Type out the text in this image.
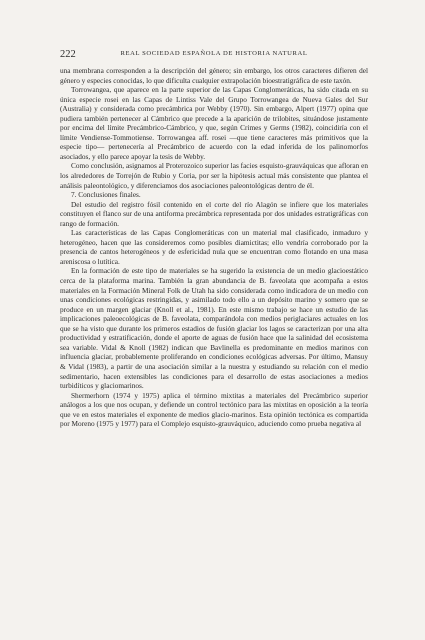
222	REAL SOCIEDAD ESPAÑOLA DE HISTORIA NATURAL

una membrana corresponden a la descripción del género; sin embargo, los otros caracteres difieren del género y especies conocidas, lo que dificulta cualquier extrapolación bioestratigráfica de este taxón.

Torrowangea, que aparece en la parte superior de las Capas Conglomeráticas, ha sido citada en su única especie rosei en las Capas de Lintiss Vale del Grupo Torrowangea de Nueva Gales del Sur (Australia) y considerada como precámbrica por Webby (1970). Sin embargo, Alpert (1977) opina que pudiera también pertenecer al Cámbrico que precede a la aparición de trilobites, situándose justamente por encima del límite Precámbrico-Cámbrico, y que, según Crimes y Germs (1982), coincidiría con el límite Vendiense-Tommotiense. Torrowangea aff. rosei —que tiene caracteres más primitivos que la especie tipo— pertenecería al Precámbrico de acuerdo con la edad inferida de los palinomorfos asociados, y ello parece apoyar la tesis de Webby.

Como conclusión, asignamos al Proterozoico superior las facies esquisto-grauváquicas que afloran en los alrededores de Torrejón de Rubio y Coria, por ser la hipótesis actual más consistente que plantea el análisis paleontológico, y diferenciamos dos asociaciones paleontológicas dentro de él.

7. Conclusiones finales.

Del estudio del registro fósil contenido en el corte del río Alagón se infiere que los materiales constituyen el flanco sur de una antiforma precámbrica representada por dos unidades estratigráficas con rango de formación.

Las características de las Capas Conglomeráticas con un material mal clasificado, inmaduro y heterogéneo, hacen que las consideremos como posibles diamictitas; ello vendría corroborado por la presencia de cantos heterogéneos y de esfericidad nula que se encuentran como flotando en una masa areniscosa o lutítica.

En la formación de este tipo de materiales se ha sugerido la existencia de un medio glacioestático cerca de la plataforma marina. También la gran abundancia de B. faveolata que acompaña a estos materiales en la Formación Mineral Folk de Utah ha sido considerada como indicadora de un medio con unas condiciones ecológicas restringidas, y asimilado todo ello a un depósito marino y somero que se produce en un margen glaciar (Knoll et al., 1981). En este mismo trabajo se hace un estudio de las implicaciones paleoecológicas de B. faveolata, comparándola con medios periglaciares actuales en los que se ha visto que durante los primeros estadios de fusión glaciar los lagos se caracterizan por una alta productividad y estratificación, donde el aporte de aguas de fusión hace que la salinidad del ecosistema sea variable. Vidal & Knoll (1982) indican que Bavlinella es predominante en medios marinos con influencia glaciar, probablemente proliferando en condiciones ecológicas adversas. Por último, Mansuy & Vidal (1983), a partir de una asociación similar a la nuestra y estudiando su relación con el medio sedimentario, hacen extensibles las condiciones para el desarrollo de estas asociaciones a medios turbidíticos y glaciomarinos.

Shermerhorn (1974 y 1975) aplica el término mixtitas a materiales del Precámbrico superior análogos a los que nos ocupan, y defiende un control tectónico para las mixtitas en oposición a la teoría que ve en estos materiales el exponente de medios glacio-marinos. Esta opinión tectónica es compartida por Moreno (1975 y 1977) para el Complejo esquisto-grauváquico, aduciendo como prueba negativa al
